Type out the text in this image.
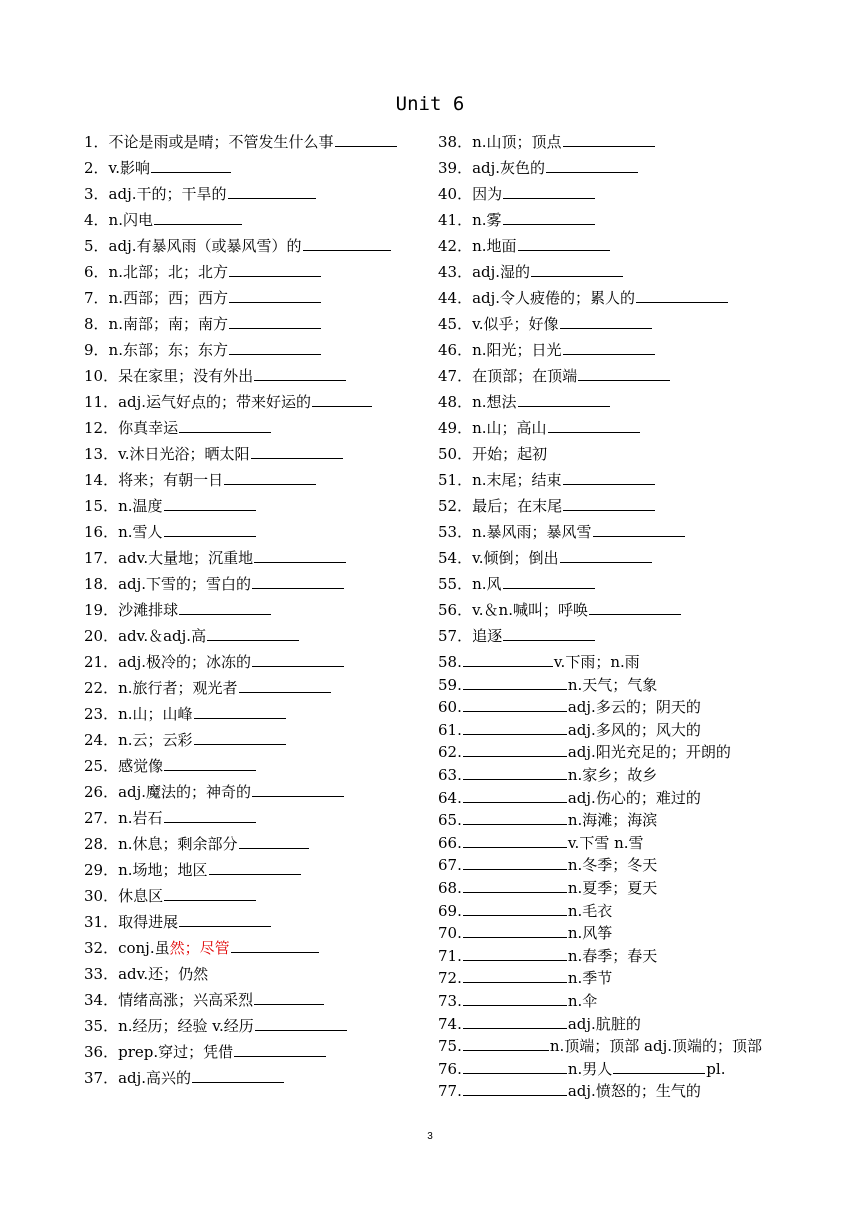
Unit 6
1．不论是雨或是晴；不管发生什么事
2．v.影响
3．adj.干的；干旱的
4．n.闪电
5．adj.有暴风雨（或暴风雪）的
6．n.北部；北；北方
7．n.西部；西；西方
8．n.南部；南；南方
9．n.东部；东；东方
10．呆在家里；没有外出
11．adj.运气好点的；带来好运的
12．你真幸运
13．v.沐日光浴；晒太阳
14．将来；有朝一日
15．n.温度
16．n.雪人
17．adv.大量地；沉重地
18．adj.下雪的；雪白的
19．沙滩排球
20．adv.＆adj.高
21．adj.极冷的；冰冻的
22．n.旅行者；观光者
23．n.山；山峰
24．n.云；云彩
25．感觉像
26．adj.魔法的；神奇的
27．n.岩石
28．n.休息；剩余部分
29．n.场地；地区
30．休息区
31．取得进展
32．conj.虽然；尽管
33．adv.还；仍然
34．情绪高涨；兴高采烈
35．n.经历；经验 v.经历
36．prep.穿过；凭借
37．adj.高兴的
38．n.山顶；顶点
39．adj.灰色的
40．因为
41．n.雾
42．n.地面
43．adj.湿的
44．adj.令人疲倦的；累人的
45．v.似乎；好像
46．n.阳光；日光
47．在顶部；在顶端
48．n.想法
49．n.山；高山
50．开始；起初
51．n.末尾；结束
52．最后；在末尾
53．n.暴风雨；暴风雪
54．v.倾倒；倒出
55．n.风
56．v.＆n.喊叫；呼唤
57．追逐
58.	v.下雨；n.雨
59.	n.天气；气象
60.	adj.多云的；阴天的
61.	adj.多风的；风大的
62.	adj.阳光充足的；开朗的
63.	n.家乡；故乡
64.	adj.伤心的；难过的
65.	n.海滩；海滨
66.	v.下雪 n.雪
67.	n.冬季；冬天
68.	n.夏季；夏天
69.	n.毛衣
70.	n.风筝
71.	n.春季；春天
72.	n.季节
73.	n.伞
74.	adj.肮脏的
75.	n.顶端；顶部 adj.顶端的；顶部
76.	n.男人	pl.
77.	adj.愤怒的；生气的
3
